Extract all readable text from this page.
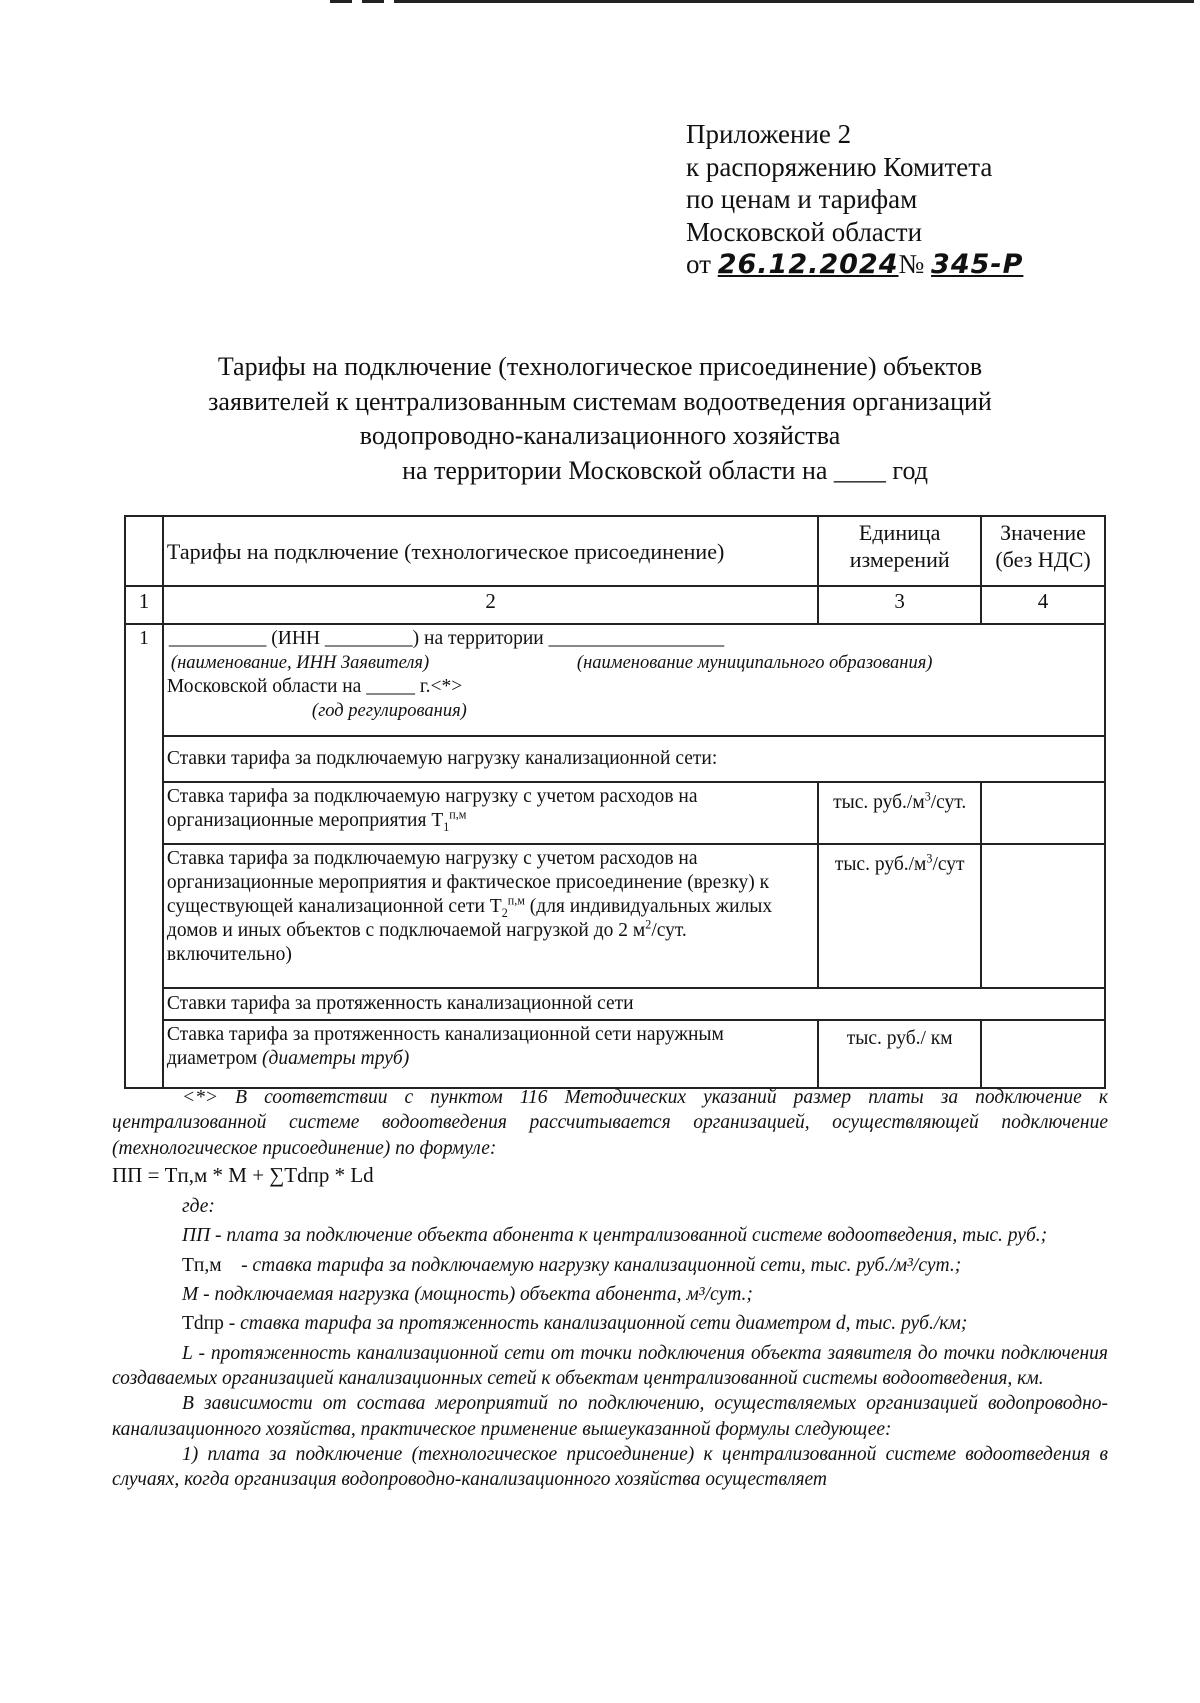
Приложение 2
к распоряжению Комитета
по ценам и тарифам
Московской области
от 26.12.2024№ 345-Р
Тарифы на подключение (технологическое присоединение) объектов
заявителей к централизованным системам водоотведения организаций
водопроводно-канализационного хозяйства
на территории Московской области на ____ год
	Тарифы на подключение (технологическое присоединение)	Единица измерений	Значение (без НДС)
1	2	3	4
1	__________ (ИНН _________) на территории __________________
(наименование, ИНН Заявителя) (наименование муниципального образования)
Московской области на _____ г.<*>
(год регулирования)		

	Ставки тарифа за подключаемую нагрузку канализационной сети:		
	Ставка тарифа за подключаемую нагрузку с учетом расходов на организационные мероприятия $T_1^{п,м}$	тыс. $руб./м^3$/сут.	
	Ставка тарифа за подключаемую нагрузку с учетом расходов на организационные мероприятия и фактическое присоединение (врезку) к существующей канализационной сети $T_2^{п,м}$ (для индивидуальных жилых домов и иных объектов с подключаемой нагрузкой до 2 $м^2$/сут. включительно)	тыс. $руб./м^3$/сут	
	Ставки тарифа за протяженность канализационной сети		
	Ставка тарифа за протяженность канализационной сети наружным диаметром (диаметры труб)	тыс. руб./ км	

<*> В соответствии с пунктом 116 Методических указаний размер платы за подключение к централизованной системе водоотведения рассчитывается организацией, осуществляющей подключение (технологическое присоединение) по формуле:

ПП = Tп,м * M + ∑Tdпр * Ld

где:

ПП - плата за подключение объекта абонента к централизованной системе водоотведения, тыс. руб.;

Tп,м - ставка тарифа за подключаемую нагрузку канализационной сети, тыс. руб./м³/сут.;

M - подключаемая нагрузка (мощность) объекта абонента, м³/сут.;

Tdпр - ставка тарифа за протяженность канализационной сети диаметром d, тыс. руб./км;

L - протяженность канализационной сети от точки подключения объекта заявителя до точки подключения создаваемых организацией канализационных сетей к объектам централизованной системы водоотведения, км.

В зависимости от состава мероприятий по подключению, осуществляемых организацией водопроводно-канализационного хозяйства, практическое применение вышеуказанной формулы следующее:

1) плата за подключение (технологическое присоединение) к централизованной системе водоотведения в случаях, когда организация водопроводно-канализационного хозяйства осуществляет
